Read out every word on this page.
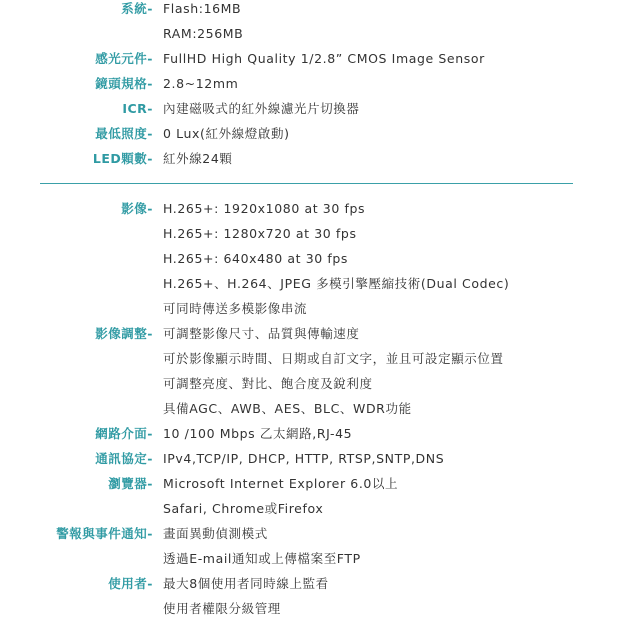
系統- Flash:16MB
RAM:256MB
感光元件- FullHD High Quality 1/2.8” CMOS Image Sensor
鏡頭規格- 2.8~12mm
ICR- 內建磁吸式的紅外線濾光片切換器
最低照度- 0 Lux(紅外線燈啟動)
LED顆數- 紅外線24顆
影像- H.265+: 1920x1080 at 30 fps
H.265+: 1280x720 at 30 fps
H.265+: 640x480 at 30 fps
H.265+、H.264、JPEG 多模引擎壓縮技術(Dual Codec)
可同時傳送多模影像串流
影像調整- 可調整影像尺寸、品質與傳輸速度
可於影像顯示時間、日期或自訂文字，並且可設定顯示位置
可調整亮度、對比、飽合度及銳利度
具備AGC、AWB、AES、BLC、WDR功能
網路介面- 10 /100 Mbps 乙太網路,RJ-45
通訊協定- IPv4,TCP/IP, DHCP, HTTP, RTSP,SNTP,DNS
瀏覽器- Microsoft Internet Explorer 6.0以上
Safari, Chrome或Firefox
警報與事件通知- 畫面異動偵測模式
透過E-mail通知或上傳檔案至FTP
使用者- 最大8個使用者同時線上監看
使用者權限分級管理
